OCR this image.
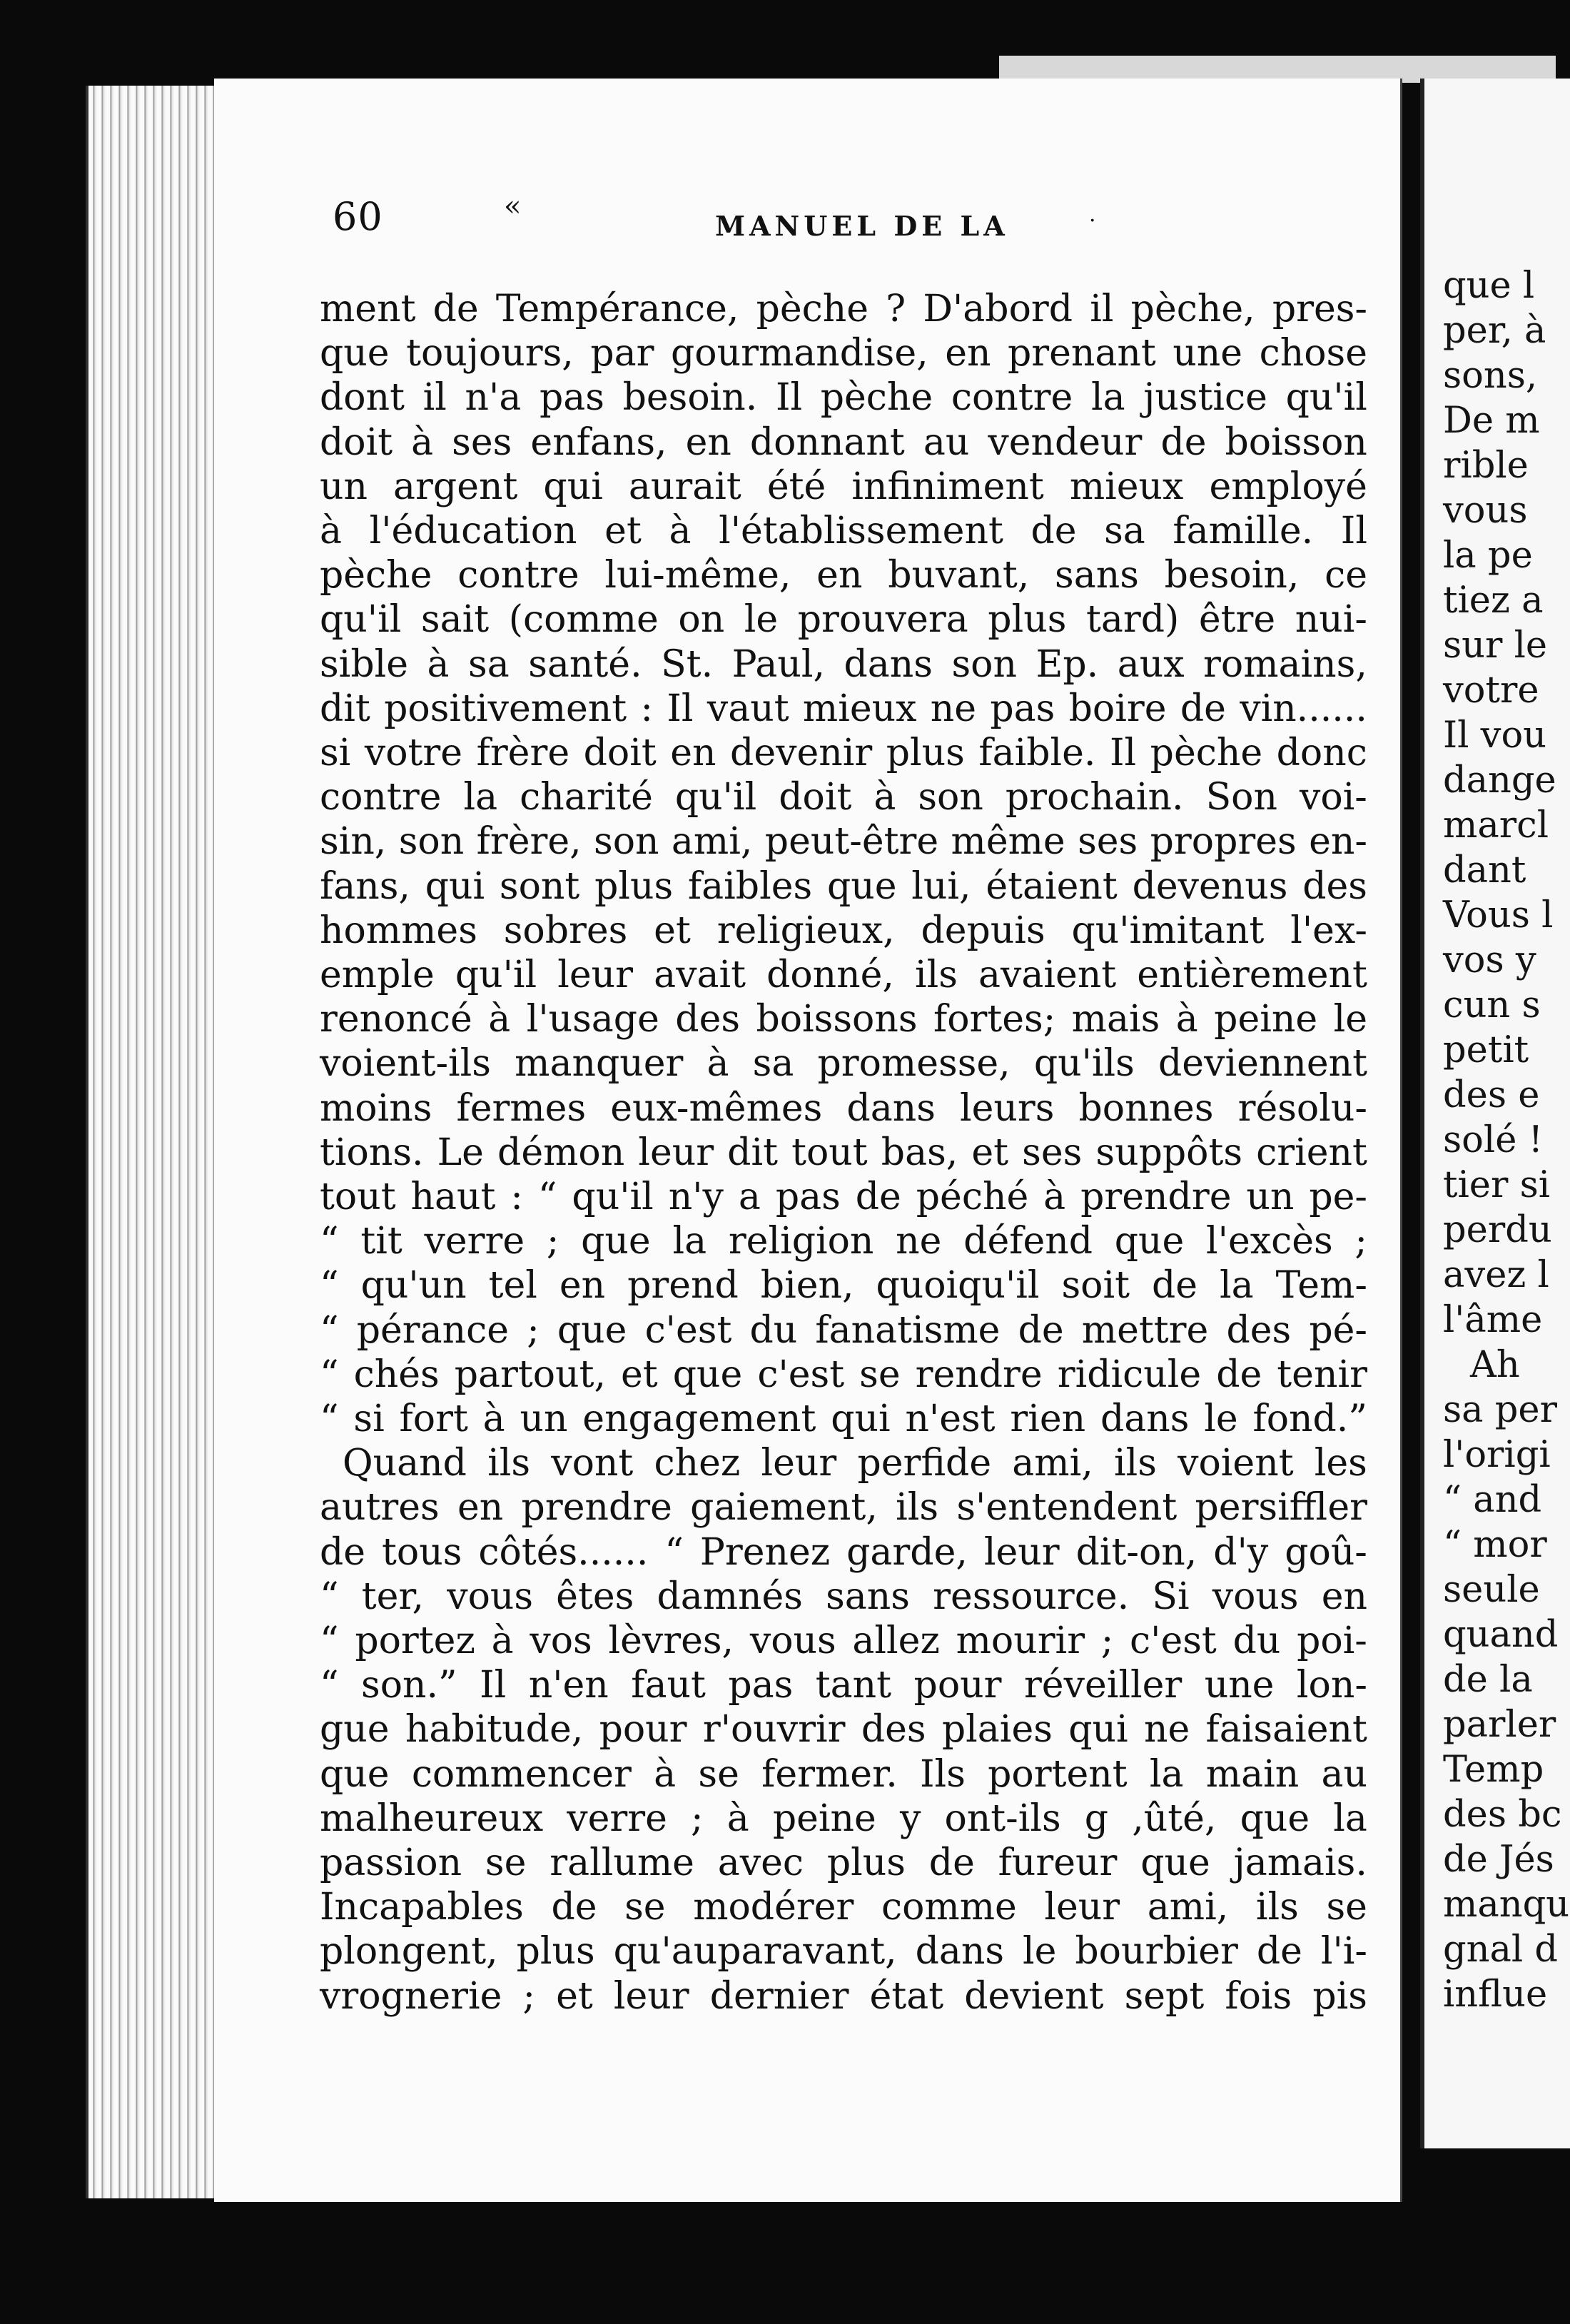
60	«
MANUEL DE LA	·
ment de Tempérance, pèche ? D'abord il pèche, pres-
que toujours, par gourmandise, en prenant une chose
dont il n'a pas besoin. Il pèche contre la justice qu'il
doit à ses enfans, en donnant au vendeur de boisson
un argent qui aurait été infiniment mieux employé
à l'éducation et à l'établissement de sa famille. Il
pèche contre lui-même, en buvant, sans besoin, ce
qu'il sait (comme on le prouvera plus tard) être nui-
sible à sa santé. St. Paul, dans son Ep. aux romains,
dit positivement : Il vaut mieux ne pas boire de vin......
si votre frère doit en devenir plus faible. Il pèche donc
contre la charité qu'il doit à son prochain. Son voi-
sin, son frère, son ami, peut-être même ses propres en-
fans, qui sont plus faibles que lui, étaient devenus des
hommes sobres et religieux, depuis qu'imitant l'ex-
emple qu'il leur avait donné, ils avaient entièrement
renoncé à l'usage des boissons fortes; mais à peine le
voient-ils manquer à sa promesse, qu'ils deviennent
moins fermes eux-mêmes dans leurs bonnes résolu-
tions. Le démon leur dit tout bas, et ses suppôts crient
tout haut : “ qu'il n'y a pas de péché à prendre un pe-
“ tit verre ; que la religion ne défend que l'excès ;
“ qu'un tel en prend bien, quoiqu'il soit de la Tem-
“ pérance ; que c'est du fanatisme de mettre des pé-
“ chés partout, et que c'est se rendre ridicule de tenir
“ si fort à un engagement qui n'est rien dans le fond.”
Quand ils vont chez leur perfide ami, ils voient les
autres en prendre gaiement, ils s'entendent persiffler
de tous côtés...... “ Prenez garde, leur dit-on, d'y goû-
“ ter, vous êtes damnés sans ressource. Si vous en
“ portez à vos lèvres, vous allez mourir ; c'est du poi-
“ son.” Il n'en faut pas tant pour réveiller une lon-
gue habitude, pour r'ouvrir des plaies qui ne faisaient
que commencer à se fermer. Ils portent la main au
malheureux verre ; à peine y ont-ils g ,ûté, que la
passion se rallume avec plus de fureur que jamais.
Incapables de se modérer comme leur ami, ils se
plongent, plus qu'auparavant, dans le bourbier de l'i-
vrognerie ; et leur dernier état devient sept fois pis
que l
per, à
sons,
De m
rible
vous
la pe
tiez a
sur le
votre
Il vou
dange
marcl
dant
Vous l
vos y
cun s
petit
des e
solé !
tier si
perdu
avez l
l'âme
Ah
sa per
l'origi
“ and
“ mor
seule
quand
de la
parler
Temp
des bc
de Jés
manqu
gnal d
influe
